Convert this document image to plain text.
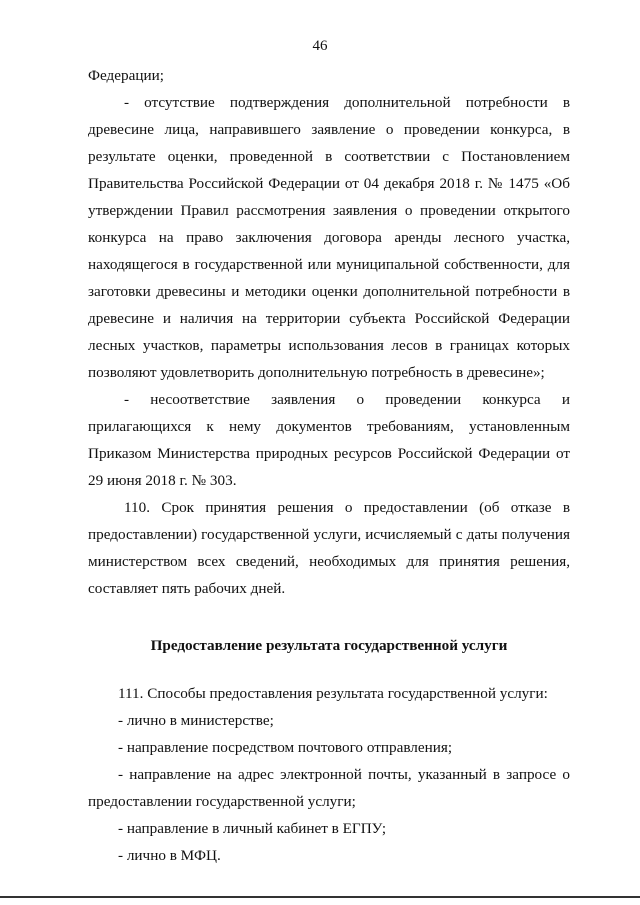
46

Федерации;

- отсутствие подтверждения дополнительной потребности в древесине лица, направившего заявление о проведении конкурса, в результате оценки, проведенной в соответствии с Постановлением Правительства Российской Федерации от 04 декабря 2018 г. № 1475 «Об утверждении Правил рассмотрения заявления о проведении открытого конкурса на право заключения договора аренды лесного участка, находящегося в государственной или муниципальной собственности, для заготовки древесины и методики оценки дополнительной потребности в древесине и наличия на территории субъекта Российской Федерации лесных участков, параметры использования лесов в границах которых позволяют удовлетворить дополнительную потребность в древесине»;

- несоответствие заявления о проведении конкурса и прилагающихся к нему документов требованиям, установленным Приказом Министерства природных ресурсов Российской Федерации от 29 июня 2018 г. № 303.

110. Срок принятия решения о предоставлении (об отказе в предоставлении) государственной услуги, исчисляемый с даты получения министерством всех сведений, необходимых для принятия решения, составляет пять рабочих дней.

Предоставление результата государственной услуги

111. Способы предоставления результата государственной услуги:

- лично в министерстве;

- направление посредством почтового отправления;

- направление на адрес электронной почты, указанный в запросе о предоставлении государственной услуги;

- направление в личный кабинет в ЕГПУ;

- лично в МФЦ.
